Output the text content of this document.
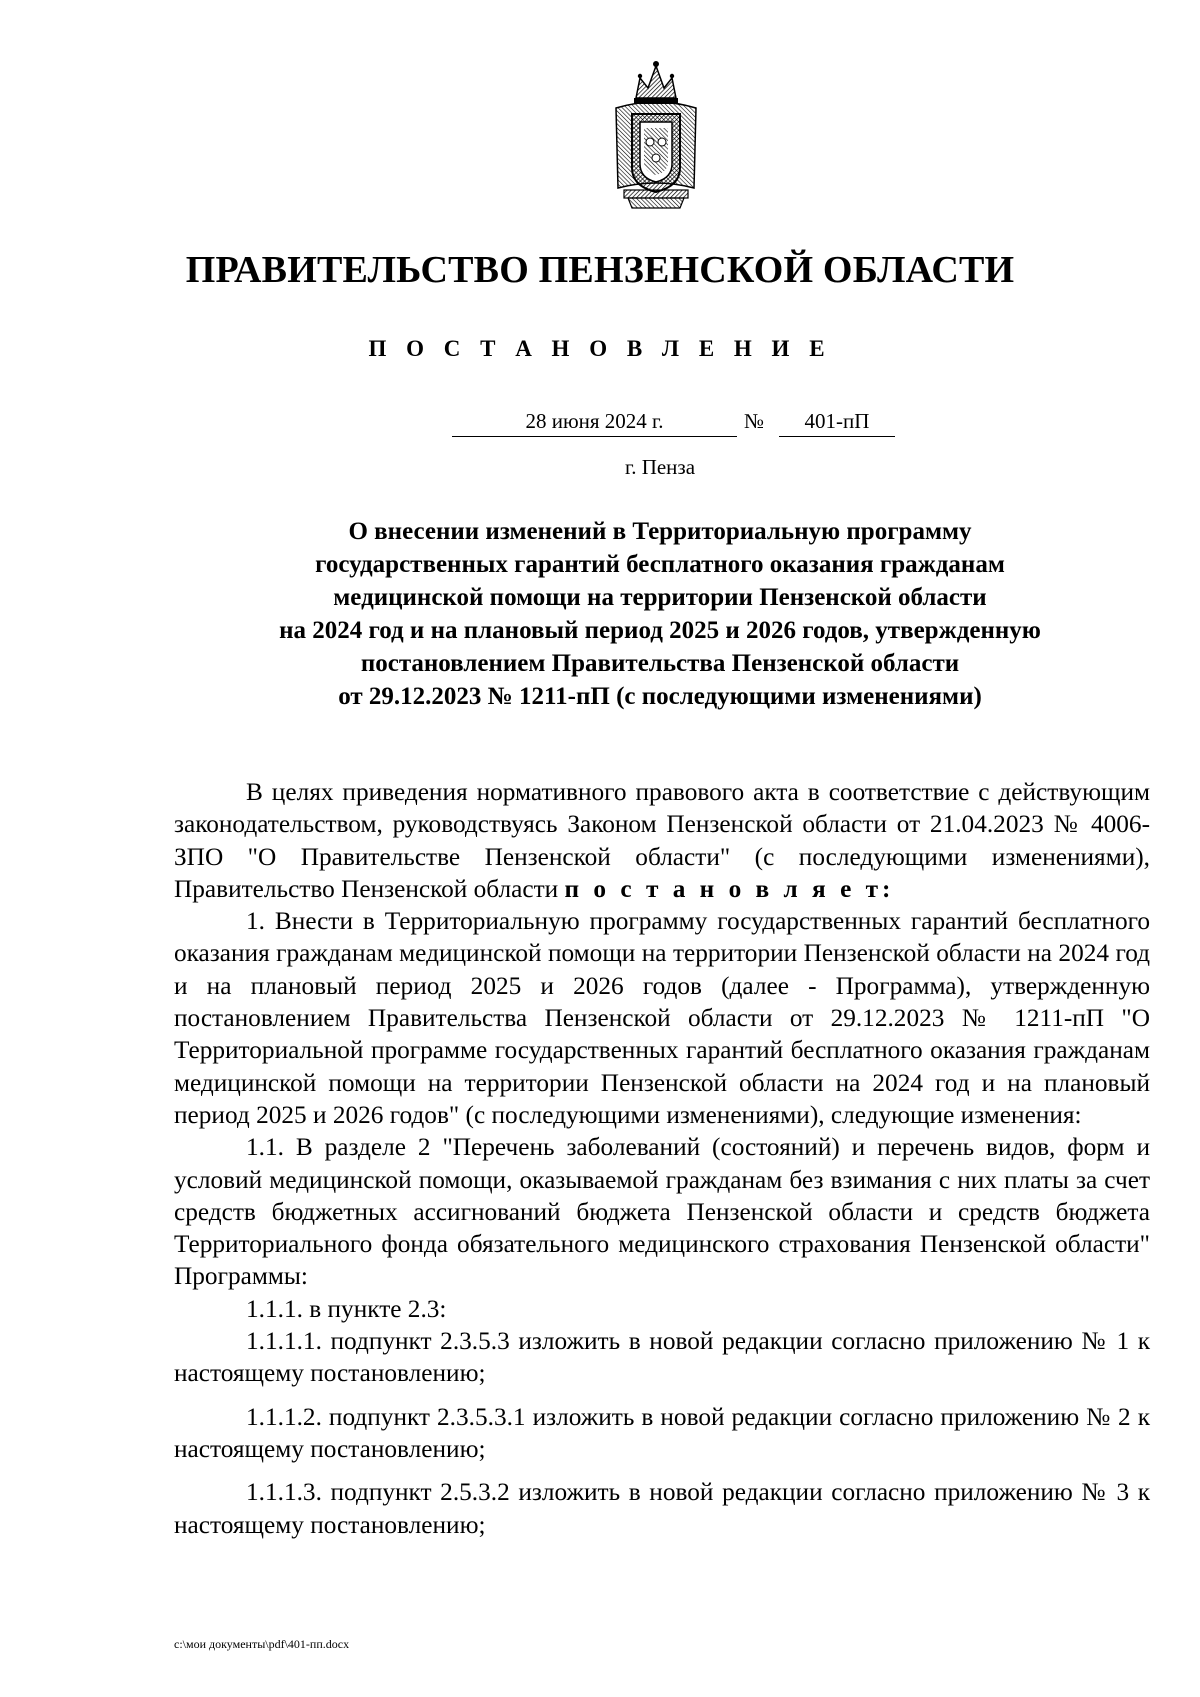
ПРАВИТЕЛЬСТВО ПЕНЗЕНСКОЙ ОБЛАСТИ
П О С Т А Н О В Л Е Н И Е
28 июня 2024 г.	№	401-пП
г. Пенза
О внесении изменений в Территориальную программу
государственных гарантий бесплатного оказания гражданам
медицинской помощи на территории Пензенской области
на 2024 год и на плановый период 2025 и 2026 годов, утвержденную
постановлением Правительства Пензенской области
от 29.12.2023 № 1211-пП (с последующими изменениями)

В целях приведения нормативного правового акта в соответствие с действующим законодательством, руководствуясь Законом Пензенской области от 21.04.2023 № 4006-ЗПО "О Правительстве Пензенской области" (с последующими изменениями), Правительство Пензенской области п о с т а н о в л я е т:

1. Внести в Территориальную программу государственных гарантий бесплатного оказания гражданам медицинской помощи на территории Пензенской области на 2024 год и на плановый период 2025 и 2026 годов (далее - Программа), утвержденную постановлением Правительства Пензенской области от 29.12.2023 № 1211-пП "О Территориальной программе государственных гарантий бесплатного оказания гражданам медицинской помощи на территории Пензенской области на 2024 год и на плановый период 2025 и 2026 годов" (с последующими изменениями), следующие изменения:

1.1. В разделе 2 "Перечень заболеваний (состояний) и перечень видов, форм и условий медицинской помощи, оказываемой гражданам без взимания с них платы за счет средств бюджетных ассигнований бюджета Пензенской области и средств бюджета Территориального фонда обязательного медицинского страхования Пензенской области" Программы:

1.1.1. в пункте 2.3:

1.1.1.1. подпункт 2.3.5.3 изложить в новой редакции согласно приложению № 1 к настоящему постановлению;

1.1.1.2. подпункт 2.3.5.3.1 изложить в новой редакции согласно приложению № 2 к настоящему постановлению;

1.1.1.3. подпункт 2.5.3.2 изложить в новой редакции согласно приложению № 3 к настоящему постановлению;

c:\мои документы\pdf\401-пп.docx
